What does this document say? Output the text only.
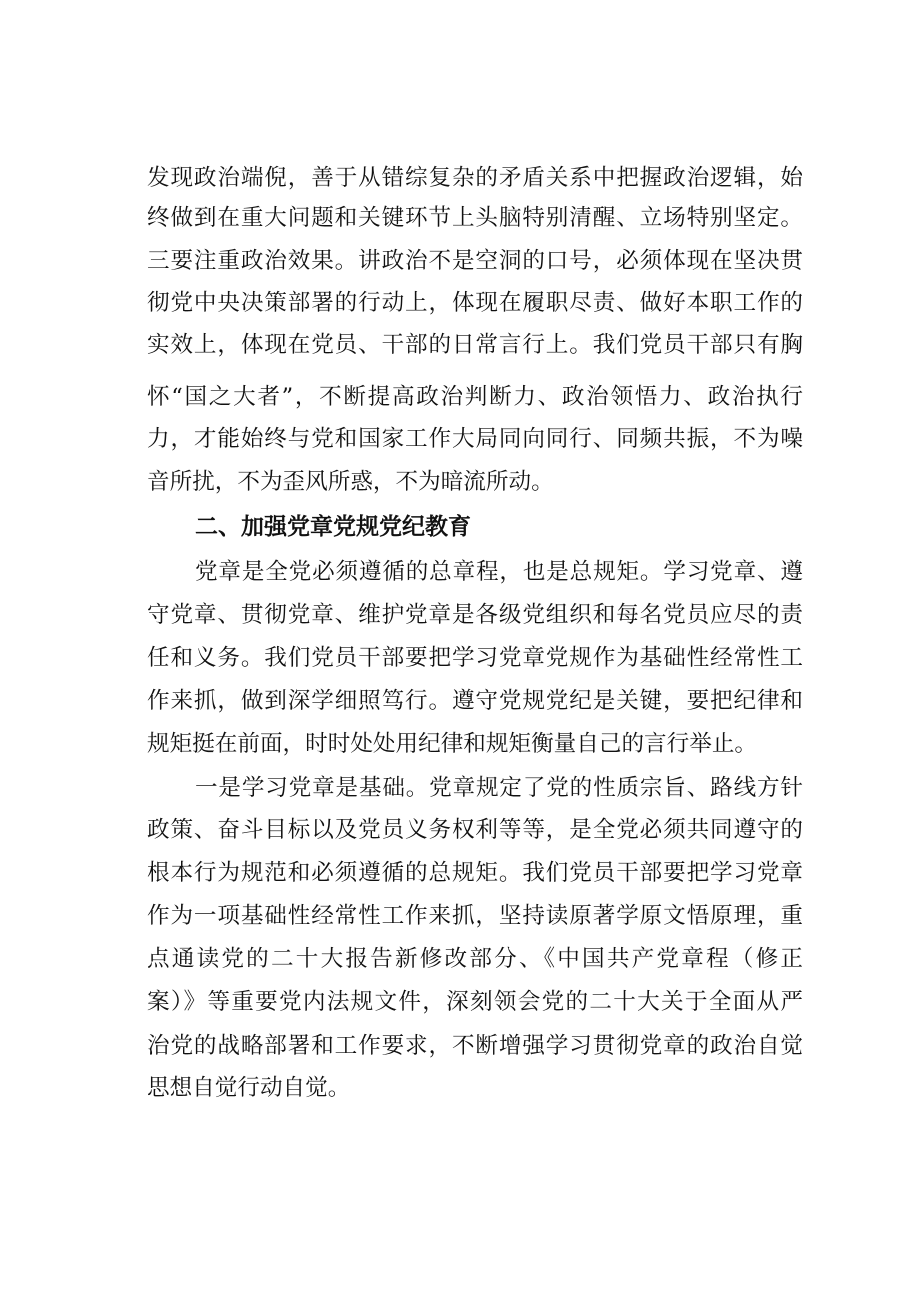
发现政治端倪，善于从错综复杂的矛盾关系中把握政治逻辑，始

终做到在重大问题和关键环节上头脑特别清醒、立场特别坚定。

三要注重政治效果。讲政治不是空洞的口号，必须体现在坚决贯

彻党中央决策部署的行动上，体现在履职尽责、做好本职工作的

实效上，体现在党员、干部的日常言行上。我们党员干部只有胸

怀“国之大者”，不断提高政治判断力、政治领悟力、政治执行

力，才能始终与党和国家工作大局同向同行、同频共振，不为噪

音所扰，不为歪风所惑，不为暗流所动。

二、加强党章党规党纪教育

党章是全党必须遵循的总章程，也是总规矩。学习党章、遵

守党章、贯彻党章、维护党章是各级党组织和每名党员应尽的责

任和义务。我们党员干部要把学习党章党规作为基础性经常性工

作来抓，做到深学细照笃行。遵守党规党纪是关键，要把纪律和

规矩挺在前面，时时处处用纪律和规矩衡量自己的言行举止。

一是学习党章是基础。党章规定了党的性质宗旨、路线方针

政策、奋斗目标以及党员义务权利等等，是全党必须共同遵守的

根本行为规范和必须遵循的总规矩。我们党员干部要把学习党章

作为一项基础性经常性工作来抓，坚持读原著学原文悟原理，重

点通读党的二十大报告新修改部分、《中国共产党章程（修正

案）》等重要党内法规文件，深刻领会党的二十大关于全面从严

治党的战略部署和工作要求，不断增强学习贯彻党章的政治自觉

思想自觉行动自觉。
